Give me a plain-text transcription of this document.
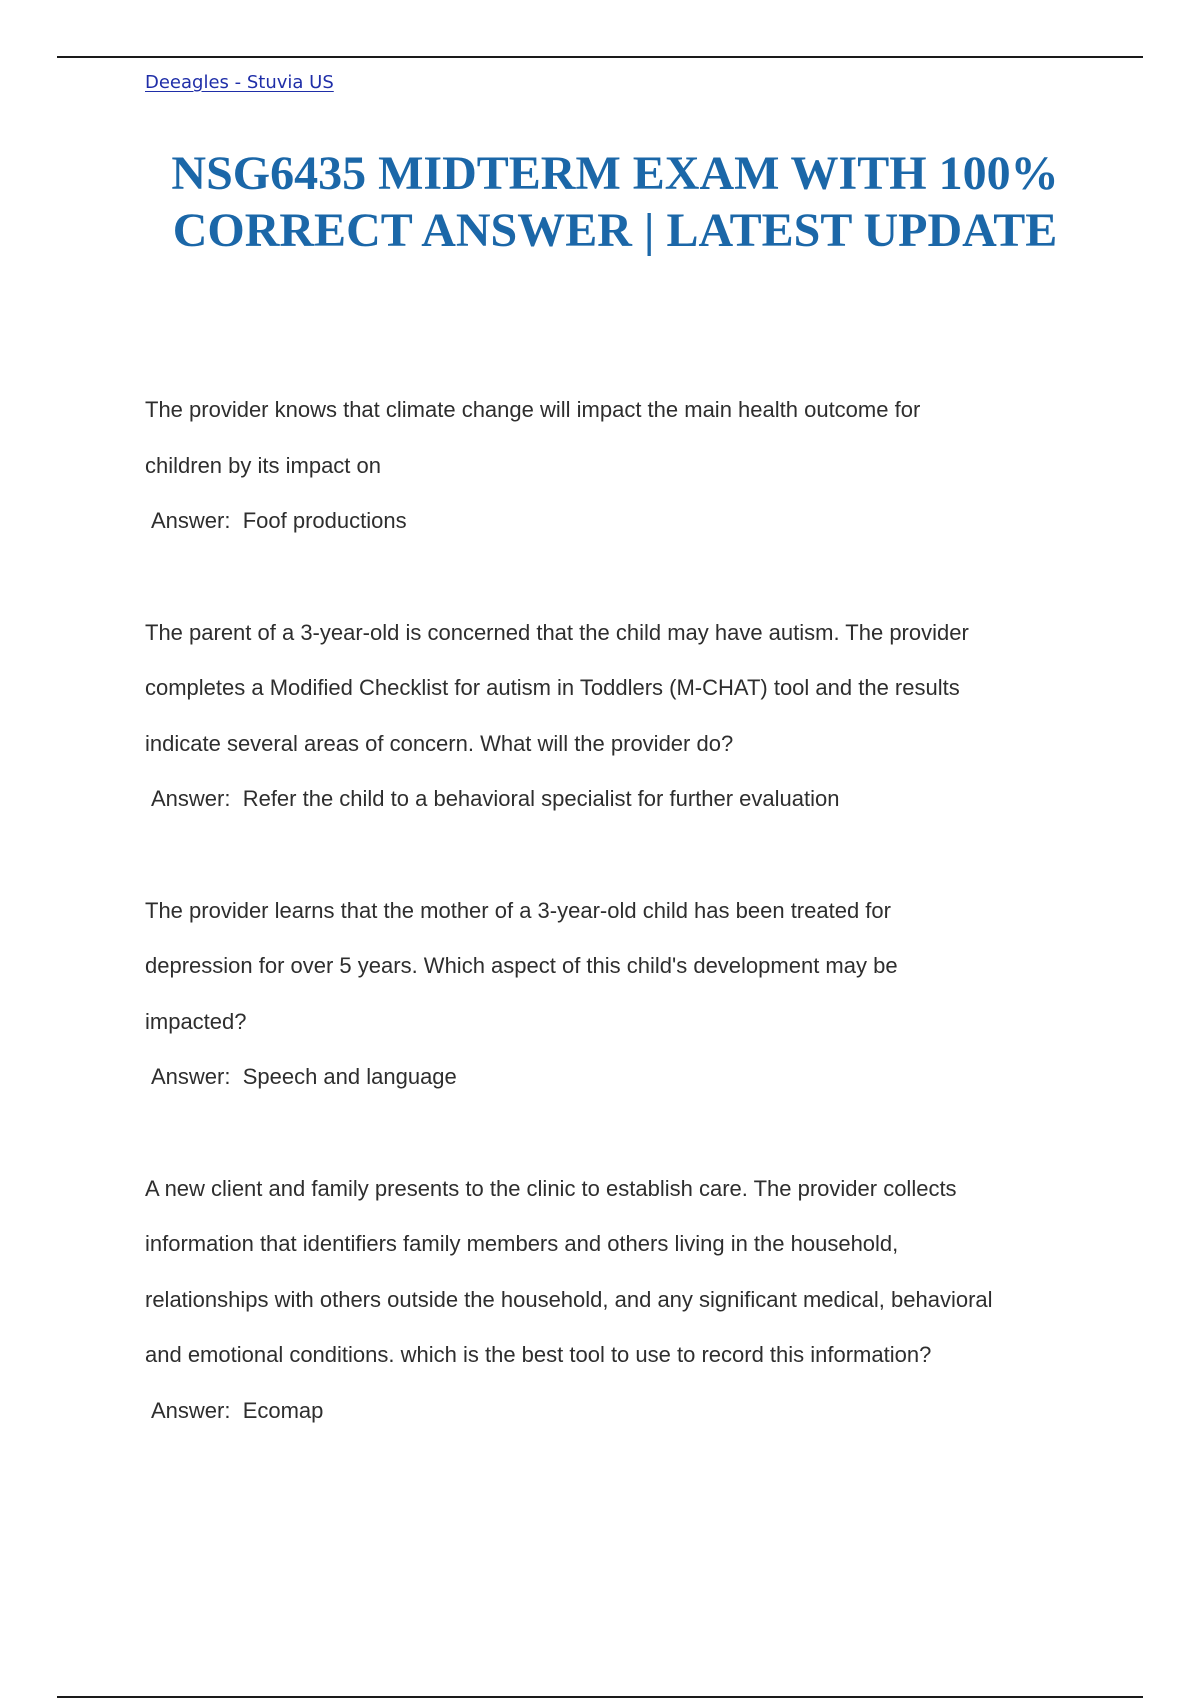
Deeagles - Stuvia US
NSG6435 MIDTERM EXAM WITH 100%
CORRECT ANSWER | LATEST UPDATE

The provider knows that climate change will impact the main health outcome for

children by its impact on

Answer:  Foof productions

The parent of a 3-year-old is concerned that the child may have autism. The provider

completes a Modified Checklist for autism in Toddlers (M-CHAT) tool and the results

indicate several areas of concern. What will the provider do?

Answer:  Refer the child to a behavioral specialist for further evaluation

The provider learns that the mother of a 3-year-old child has been treated for

depression for over 5 years. Which aspect of this child's development may be

impacted?

Answer:  Speech and language

A new client and family presents to the clinic to establish care. The provider collects

information that identifiers family members and others living in the household,

relationships with others outside the household, and any significant medical, behavioral

and emotional conditions. which is the best tool to use to record this information?

Answer:  Ecomap
